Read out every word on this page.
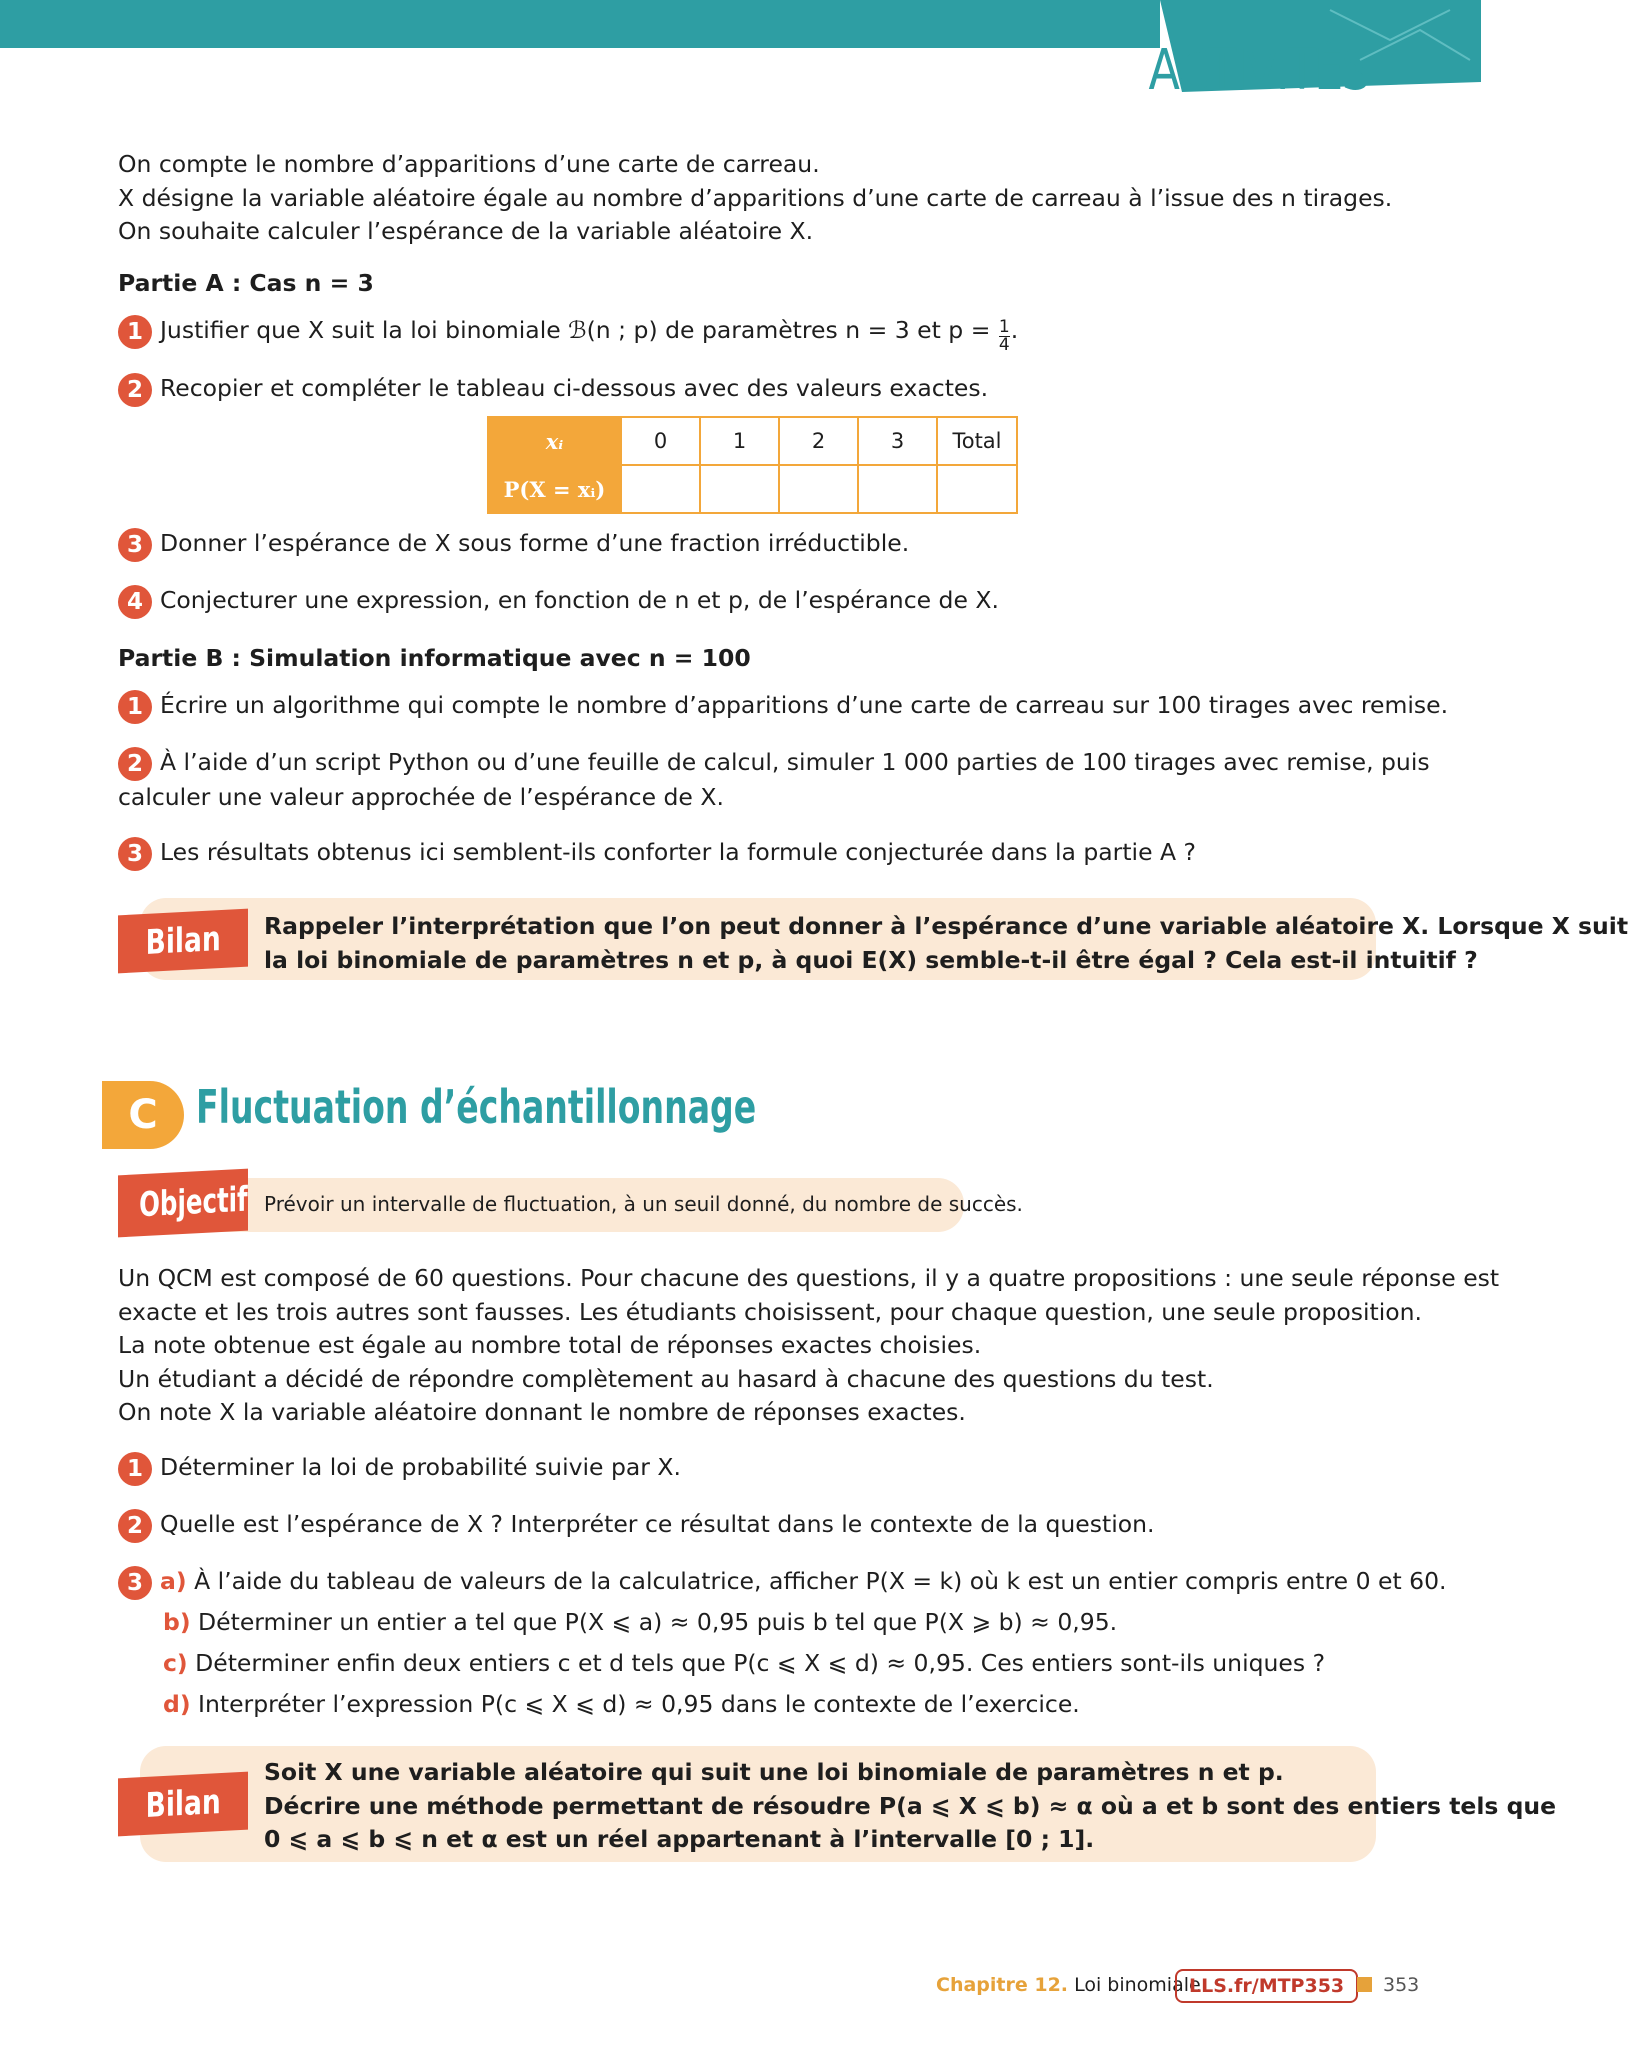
ACTIVITÉS
On compte le nombre d’apparitions d’une carte de carreau.
X désigne la variable aléatoire égale au nombre d’apparitions d’une carte de carreau à l’issue des n tirages.
On souhaite calculer l’espérance de la variable aléatoire X.
Partie A : Cas n = 3
1 Justifier que X suit la loi binomiale ℬ(n ; p) de paramètres n = 3 et $p = \frac{1}{4}$ .
2 Recopier et compléter le tableau ci-dessous avec des valeurs exactes.
xᵢ	0	1	2	3	Total
P(X = xᵢ)					
3 Donner l’espérance de X sous forme d’une fraction irréductible.
4 Conjecturer une expression, en fonction de n et p, de l’espérance de X.
Partie B : Simulation informatique avec n = 100
1 Écrire un algorithme qui compte le nombre d’apparitions d’une carte de carreau sur 100 tirages avec remise.
2 À l’aide d’un script Python ou d’une feuille de calcul, simuler 1 000 parties de 100 tirages avec remise, puis
calculer une valeur approchée de l’espérance de X.
3 Les résultats obtenus ici semblent-ils conforter la formule conjecturée dans la partie A ?
Bilan	Rappeler l’interprétation que l’on peut donner à l’espérance d’une variable aléatoire X. Lorsque X suit
la loi binomiale de paramètres n et p, à quoi E(X) semble-t-il être égal ? Cela est-il intuitif ?
C Fluctuation d’échantillonnage
Objectif Prévoir un intervalle de fluctuation, à un seuil donné, du nombre de succès.
Un QCM est composé de 60 questions. Pour chacune des questions, il y a quatre propositions : une seule réponse est
exacte et les trois autres sont fausses. Les étudiants choisissent, pour chaque question, une seule proposition.
La note obtenue est égale au nombre total de réponses exactes choisies.
Un étudiant a décidé de répondre complètement au hasard à chacune des questions du test.
On note X la variable aléatoire donnant le nombre de réponses exactes.
1 Déterminer la loi de probabilité suivie par X.
2 Quelle est l’espérance de X ? Interpréter ce résultat dans le contexte de la question.
3 a) À l’aide du tableau de valeurs de la calculatrice, afficher P(X = k) où k est un entier compris entre 0 et 60.
b) Déterminer un entier a tel que P(X ⩽ a) ≈ 0,95 puis b tel que P(X ⩾ b) ≈ 0,95.
c) Déterminer enfin deux entiers c et d tels que P(c ⩽ X ⩽ d) ≈ 0,95. Ces entiers sont-ils uniques ?
d) Interpréter l’expression P(c ⩽ X ⩽ d) ≈ 0,95 dans le contexte de l’exercice.
Bilan
Soit X une variable aléatoire qui suit une loi binomiale de paramètres n et p.
Décrire une méthode permettant de résoudre P(a ⩽ X ⩽ b) ≈ α où a et b sont des entiers tels que
0 ⩽ a ⩽ b ⩽ n et α est un réel appartenant à l’intervalle [0 ; 1].
Chapitre 12. Loi binomiale
LLS.fr/MTP353	353
